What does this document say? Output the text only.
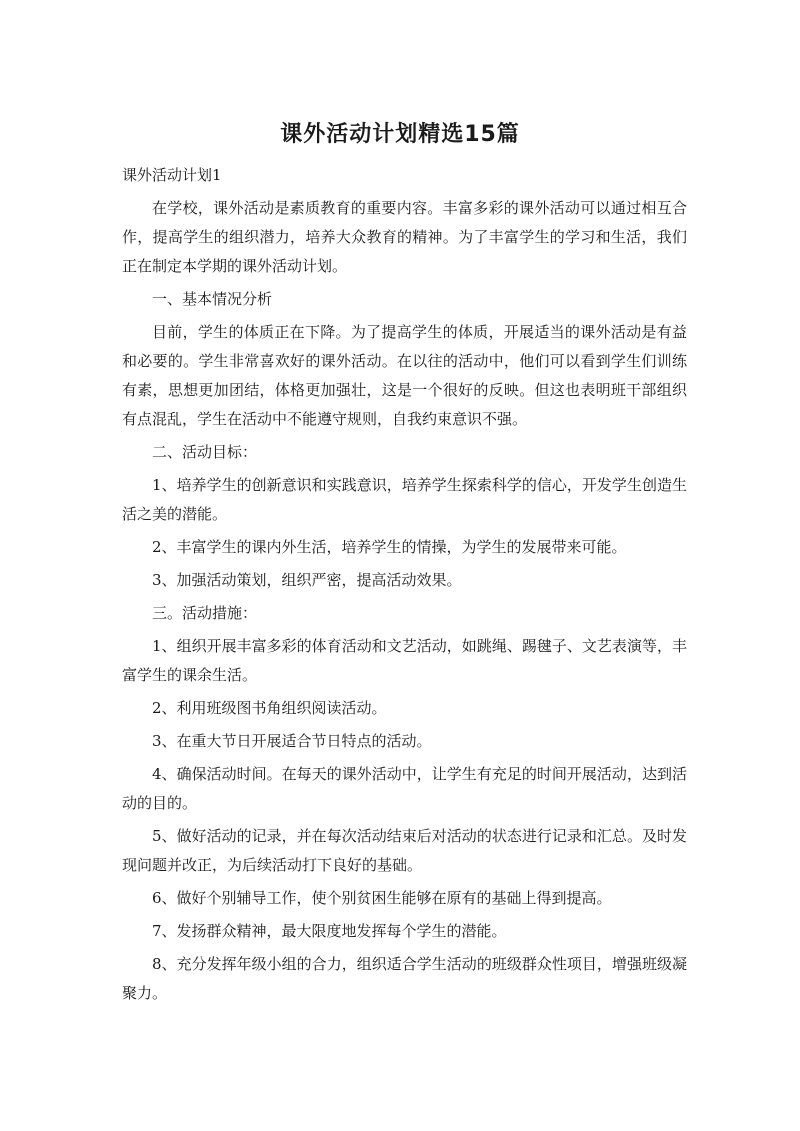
课外活动计划精选15篇

课外活动计划1

在学校，课外活动是素质教育的重要内容。丰富多彩的课外活动可以通过相互合作，提高学生的组织潜力，培养大众教育的精神。为了丰富学生的学习和生活，我们正在制定本学期的课外活动计划。

一、基本情况分析

目前，学生的体质正在下降。为了提高学生的体质，开展适当的课外活动是有益和必要的。学生非常喜欢好的课外活动。在以往的活动中，他们可以看到学生们训练有素，思想更加团结，体格更加强壮，这是一个很好的反映。但这也表明班干部组织有点混乱，学生在活动中不能遵守规则，自我约束意识不强。

二、活动目标：

1、培养学生的创新意识和实践意识，培养学生探索科学的信心，开发学生创造生活之美的潜能。

2、丰富学生的课内外生活，培养学生的情操，为学生的发展带来可能。

3、加强活动策划，组织严密，提高活动效果。

三。活动措施：

1、组织开展丰富多彩的体育活动和文艺活动，如跳绳、踢毽子、文艺表演等，丰富学生的课余生活。

2、利用班级图书角组织阅读活动。

3、在重大节日开展适合节日特点的活动。

4、确保活动时间。在每天的课外活动中，让学生有充足的时间开展活动，达到活动的目的。

5、做好活动的记录，并在每次活动结束后对活动的状态进行记录和汇总。及时发现问题并改正，为后续活动打下良好的基础。

6、做好个别辅导工作，使个别贫困生能够在原有的基础上得到提高。

7、发扬群众精神，最大限度地发挥每个学生的潜能。

8、充分发挥年级小组的合力，组织适合学生活动的班级群众性项目，增强班级凝聚力。
